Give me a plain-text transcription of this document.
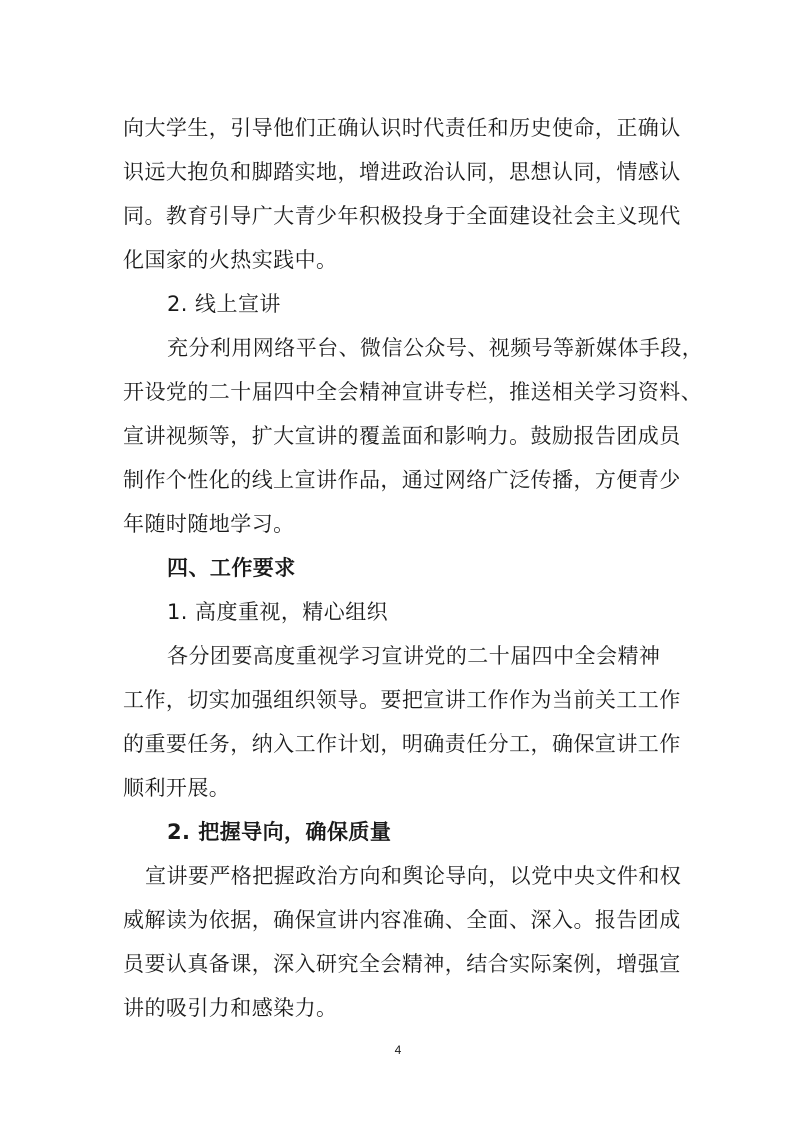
向大学生，引导他们正确认识时代责任和历史使命，正确认
识远大抱负和脚踏实地，增进政治认同，思想认同，情感认
同。教育引导广大青少年积极投身于全面建设社会主义现代
化国家的火热实践中。
2. 线上宣讲
充分利用网络平台、微信公众号、视频号等新媒体手段，
开设党的二十届四中全会精神宣讲专栏，推送相关学习资料、
宣讲视频等，扩大宣讲的覆盖面和影响力。鼓励报告团成员
制作个性化的线上宣讲作品，通过网络广泛传播，方便青少
年随时随地学习。
四、工作要求
1. 高度重视，精心组织
各分团要高度重视学习宣讲党的二十届四中全会精神
工作，切实加强组织领导。要把宣讲工作作为当前关工工作
的重要任务，纳入工作计划，明确责任分工，确保宣讲工作
顺利开展。
2. 把握导向，确保质量
宣讲要严格把握政治方向和舆论导向，以党中央文件和权
威解读为依据，确保宣讲内容准确、全面、深入。报告团成
员要认真备课，深入研究全会精神，结合实际案例，增强宣
讲的吸引力和感染力。
4
